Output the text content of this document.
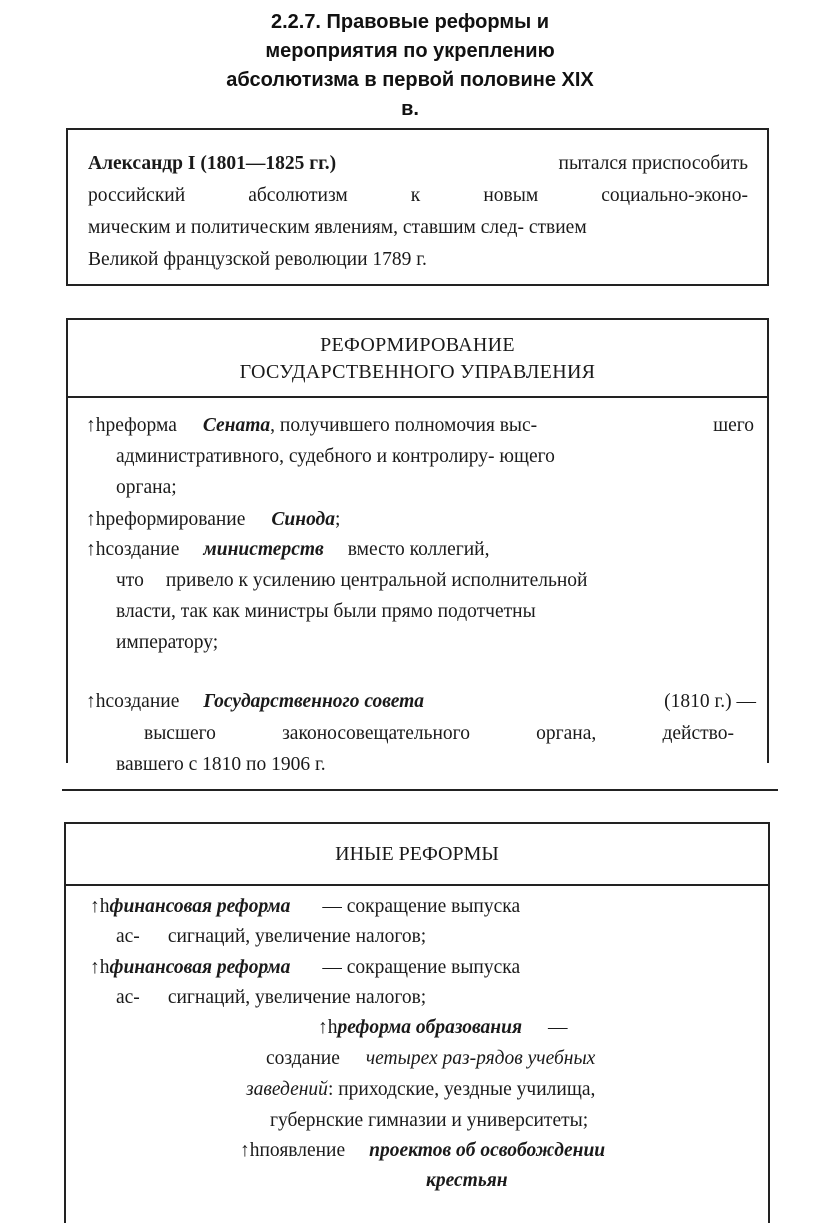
2.2.7. Правовые реформы и
мероприятия по укреплению
абсолютизма в первой половине XIX
в.
Александр I (1801—1825 гг.)	пытался приспособить
российский	абсолютизм	к	новым	социально-эконо-
мическим и политическим явлениям, ставшим след- ствием
Великой французской революции 1789 г.
РЕФОРМИРОВАНИЕ
ГОСУДАРСТВЕННОГО УПРАВЛЕНИЯ
↑hреформа Сената, получившего полномочия выс-	шего
административного, судебного и контролиру- ющего
органа;
↑hреформирование Синода;
↑hсоздание министерств вместо коллегий,
что привело к усилению центральной исполнительной
власти, так как министры были прямо подотчетны
императору;
↑hсоздание Государственного совета	(1810 г.) —
высшего	законосовещательного	органа,	действо-
вавшего с 1810 по 1906 г.
ИНЫЕ РЕФОРМЫ
↑hфинансовая реформа — сокращение выпуска
ас- сигнаций, увеличение налогов;
↑hфинансовая реформа — сокращение выпуска
ас- сигнаций, увеличение налогов;
↑hреформа образования —
создание четырех раз-рядов учебных
заведений: приходские, уездные училища,
губернские гимназии и университеты;
↑hпоявление проектов об освобождении
крестьян
